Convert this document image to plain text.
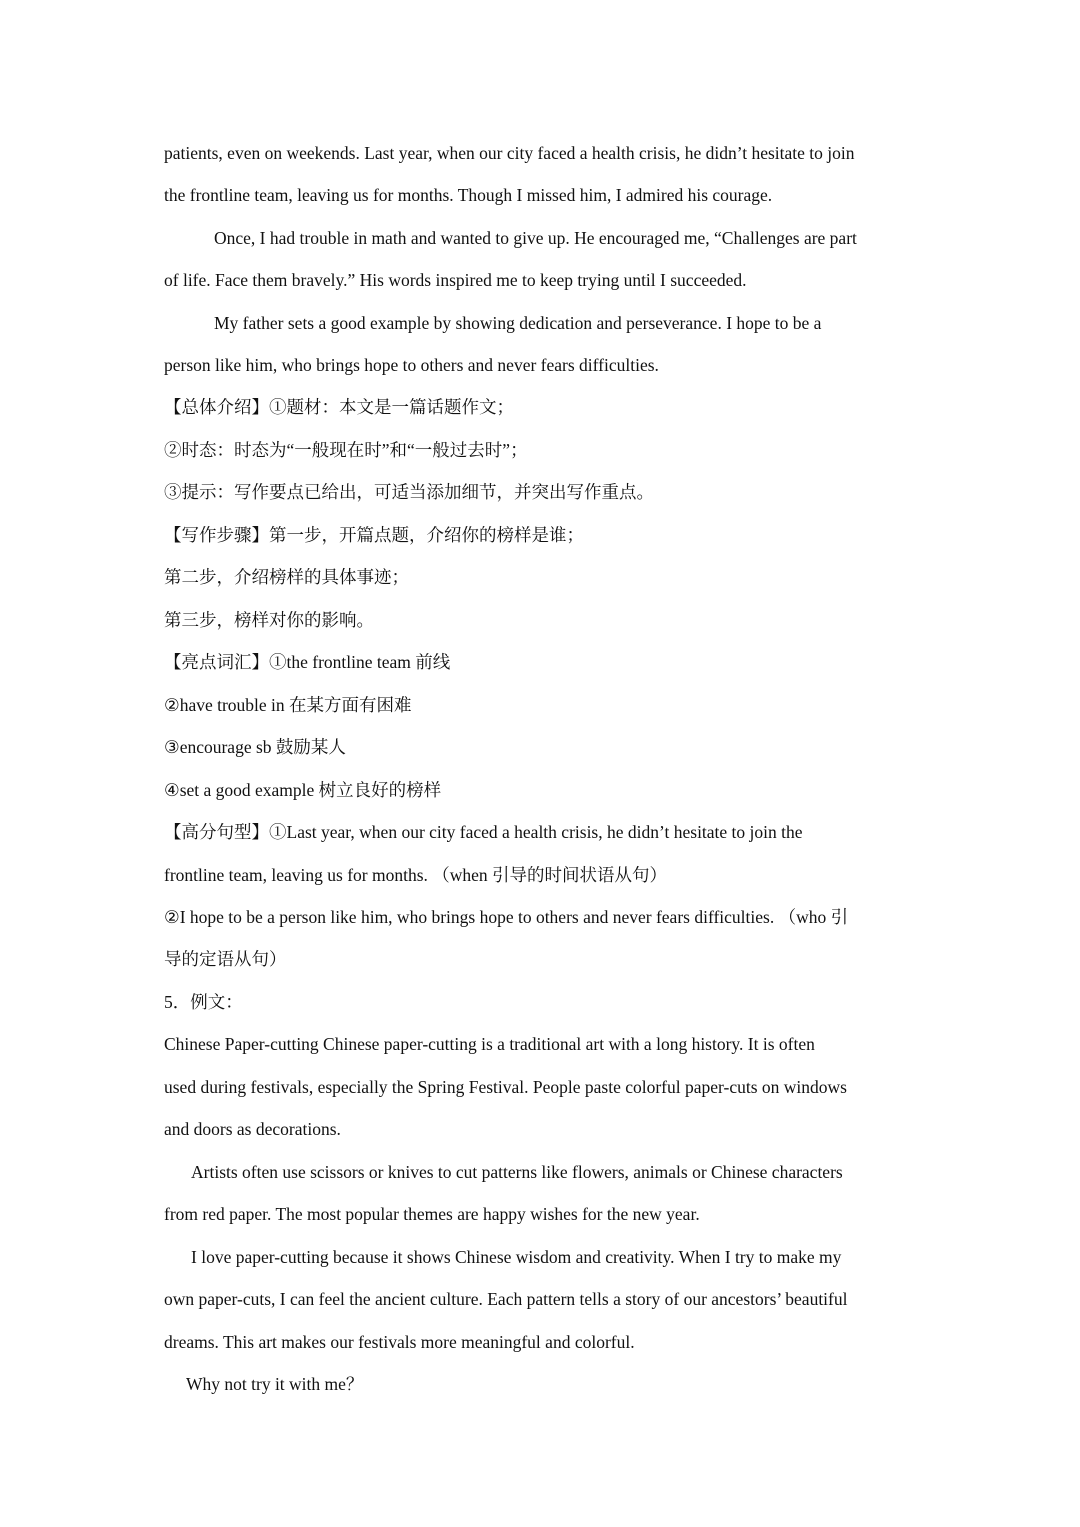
patients, even on weekends. Last year, when our city faced a health crisis, he didn’t hesitate to join
the frontline team, leaving us for months. Though I missed him, I admired his courage.
Once, I had trouble in math and wanted to give up. He encouraged me, “Challenges are part
of life. Face them bravely.” His words inspired me to keep trying until I succeeded.
My father sets a good example by showing dedication and perseverance. I hope to be a
person like him, who brings hope to others and never fears difficulties.
【总体介绍】①题材：本文是一篇话题作文；
②时态：时态为“一般现在时”和“一般过去时”；
③提示：写作要点已给出，可适当添加细节，并突出写作重点。
【写作步骤】第一步，开篇点题，介绍你的榜样是谁；
第二步，介绍榜样的具体事迹；
第三步，榜样对你的影响。
【亮点词汇】①the frontline team 前线
②have trouble in 在某方面有困难
③encourage sb 鼓励某人
④set a good example 树立良好的榜样
【高分句型】①Last year, when our city faced a health crisis, he didn’t hesitate to join the
frontline team, leaving us for months. （when 引导的时间状语从句）
②I hope to be a person like him, who brings hope to others and never fears difficulties. （who 引
导的定语从句）
5．例文：
Chinese Paper-cutting Chinese paper-cutting is a traditional art with a long history. It is often
used during festivals, especially the Spring Festival. People paste colorful paper-cuts on windows
and doors as decorations.
Artists often use scissors or knives to cut patterns like flowers, animals or Chinese characters
from red paper. The most popular themes are happy wishes for the new year.
I love paper-cutting because it shows Chinese wisdom and creativity. When I try to make my
own paper-cuts, I can feel the ancient culture. Each pattern tells a story of our ancestors’ beautiful
dreams. This art makes our festivals more meaningful and colorful.
Why not try it with me？
